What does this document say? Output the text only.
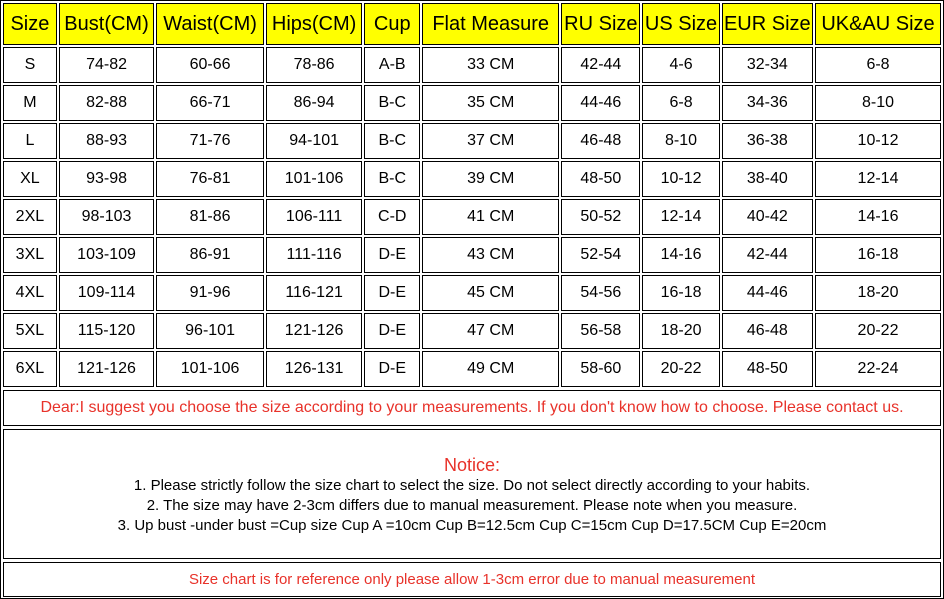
Size	Bust(CM)	Waist(CM)	Hips(CM)	Cup	Flat Measure	RU Size	US Size	EUR Size	UK&AU Size
S	74-82	60-66	78-86	A-B	33 CM	42-44	4-6	32-34	6-8
M	82-88	66-71	86-94	B-C	35 CM	44-46	6-8	34-36	8-10
L	88-93	71-76	94-101	B-C	37 CM	46-48	8-10	36-38	10-12
XL	93-98	76-81	101-106	B-C	39 CM	48-50	10-12	38-40	12-14
2XL	98-103	81-86	106-111	C-D	41 CM	50-52	12-14	40-42	14-16
3XL	103-109	86-91	111-116	D-E	43 CM	52-54	14-16	42-44	16-18
4XL	109-114	91-96	116-121	D-E	45 CM	54-56	16-18	44-46	18-20
5XL	115-120	96-101	121-126	D-E	47 CM	56-58	18-20	46-48	20-22
6XL	121-126	101-106	126-131	D-E	49 CM	58-60	20-22	48-50	22-24
Dear:I suggest you choose the size according to your measurements. If you don't know how to choose. Please contact us.
Notice:
1. Please strictly follow the size chart to select the size. Do not select directly according to your habits.
2. The size may have 2-3cm differs due to manual measurement. Please note when you measure.
3. Up bust -under bust =Cup size Cup A =10cm Cup B=12.5cm Cup C=15cm Cup D=17.5CM Cup E=20cm
Size chart is for reference only please allow 1-3cm error due to manual measurement
